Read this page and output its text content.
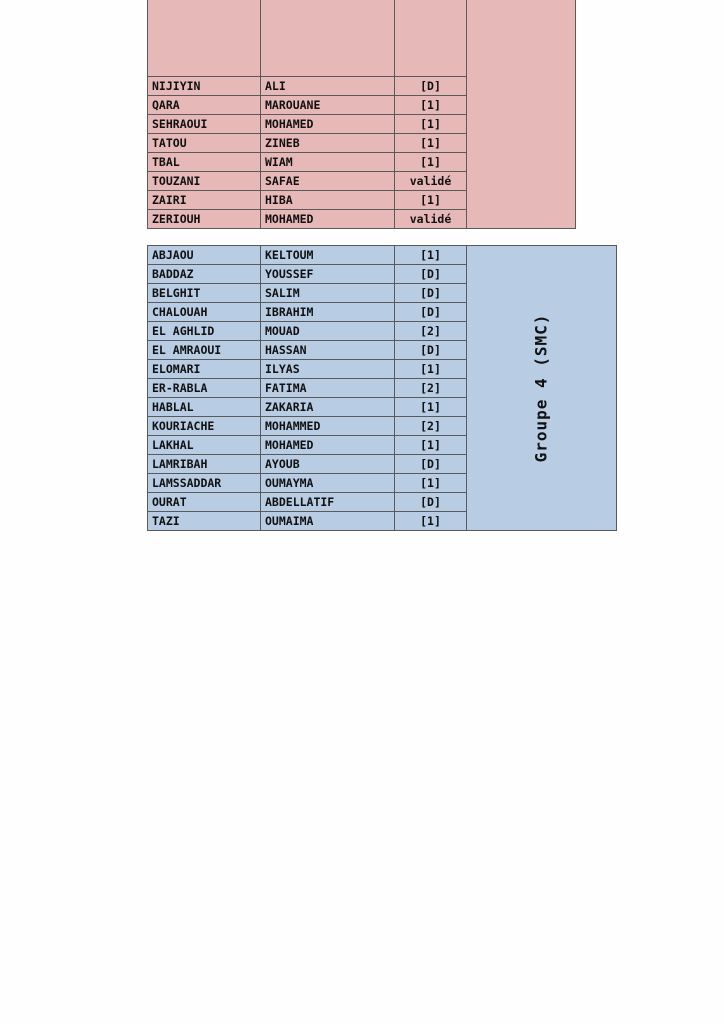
NIJIYIN	ALI	[D]	
QARA	MAROUANE	[1]	
SEHRAOUI	MOHAMED	[1]	
TATOU	ZINEB	[1]	
TBAL	WIAM	[1]	
TOUZANI	SAFAE	validé	
ZAIRI	HIBA	[1]	
ZERIOUH	MOHAMED	validé	
ABJAOU	KELTOUM	[1]	Groupe 4 (SMC)
BADDAZ	YOUSSEF	[D]	
BELGHIT	SALIM	[D]	
CHALOUAH	IBRAHIM	[D]	
EL AGHLID	MOUAD	[2]	
EL AMRAOUI	HASSAN	[D]	
ELOMARI	ILYAS	[1]	
ER-RABLA	FATIMA	[2]	
HABLAL	ZAKARIA	[1]	
KOURIACHE	MOHAMMED	[2]	
LAKHAL	MOHAMED	[1]	
LAMRIBAH	AYOUB	[D]	
LAMSSADDAR	OUMAYMA	[1]	
OURAT	ABDELLATIF	[D]	
TAZI	OUMAIMA	[1]	
